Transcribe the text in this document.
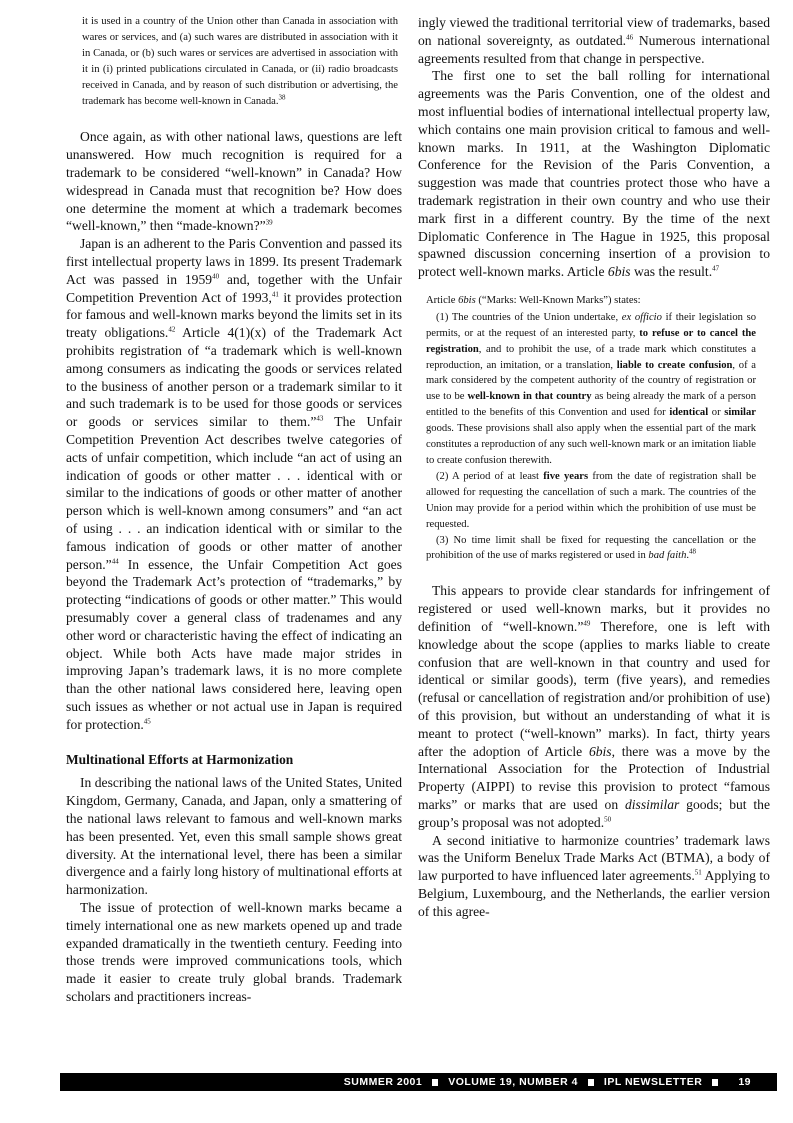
it is used in a country of the Union other than Canada in association with wares or services, and (a) such wares are distributed in association with it in Canada, or (b) such wares or services are advertised in association with it in (i) printed publications circulated in Canada, or (ii) radio broadcasts received in Canada, and by reason of such distribution or advertising, the trademark has become well-known in Canada.$^{38}$

Once again, as with other national laws, questions are left unanswered. How much recognition is required for a trademark to be considered “well-known” in Canada? How widespread in Canada must that recognition be? How does one determine the moment at which a trademark becomes “well-known,” then “made-known?”$^{39}$

Japan is an adherent to the Paris Convention and passed its first intellectual property laws in 1899. Its present Trademark Act was passed in 1959$^{40}$ and, together with the Unfair Competition Prevention Act of 1993,41 it provides protection for famous and well-known marks beyond the limits set in its treaty obligations.$^{42}$ Article 4(1)(x) of the Trademark Act prohibits registration of “a trademark which is well-known among consumers as indicating the goods or services related to the business of another person or a trademark similar to it and such trademark is to be used for those goods or services or goods or services similar to them.”$^{43}$ The Unfair Competition Prevention Act describes twelve categories of acts of unfair competition, which include “an act of using an indication of goods or other matter . . . identical with or similar to the indications of goods or other matter of another person which is well-known among consumers” and “an act of using . . . an indication identical with or similar to the famous indication of goods or other matter of another person.”$^{44}$ In essence, the Unfair Competition Act goes beyond the Trademark Act’s protection of “trademarks,” by protecting “indications of goods or other matter.” This would presumably cover a general class of tradenames and any other word or characteristic having the effect of indicating an object. While both Acts have made major strides in improving Japan’s trademark laws, it is no more complete than the other national laws considered here, leaving open such issues as whether or not actual use in Japan is required for protection.$^{45}$

Multinational Efforts at Harmonization

In describing the national laws of the United States, United Kingdom, Germany, Canada, and Japan, only a smattering of the national laws relevant to famous and well-known marks has been presented. Yet, even this small sample shows great diversity. At the international level, there has been a similar divergence and a fairly long history of multinational efforts at harmonization.

The issue of protection of well-known marks became a timely international one as new markets opened up and trade expanded dramatically in the twentieth century. Feeding into those trends were improved communications tools, which made it easier to create truly global brands. Trademark scholars and practitioners increas-

ingly viewed the traditional territorial view of trademarks, based on national sovereignty, as outdated.$^{46}$ Numerous international agreements resulted from that change in perspective.

The first one to set the ball rolling for international agreements was the Paris Convention, one of the oldest and most influential bodies of international intellectual property law, which contains one main provision critical to famous and well-known marks. In 1911, at the Washington Diplomatic Conference for the Revision of the Paris Convention, a suggestion was made that countries protect those who have a trademark registration in their own country and who use their mark first in a different country. By the time of the next Diplomatic Conference in The Hague in 1925, this proposal spawned discussion concerning insertion of a provision to protect well-known marks. Article 6bis was the result.$^{47}$

Article 6bis (“Marks: Well-Known Marks”) states:

(1) The countries of the Union undertake, ex officio if their legislation so permits, or at the request of an interested party, to refuse or to cancel the registration, and to prohibit the use, of a trade mark which constitutes a reproduction, an imitation, or a translation, liable to create confusion, of a mark considered by the competent authority of the country of registration or use to be well-known in that country as being already the mark of a person entitled to the benefits of this Convention and used for identical or similar goods. These provisions shall also apply when the essential part of the mark constitutes a reproduction of any such well-known mark or an imitation liable to create confusion therewith.

(2) A period of at least five years from the date of registration shall be allowed for requesting the cancellation of such a mark. The countries of the Union may provide for a period within which the prohibition of use must be requested.

(3) No time limit shall be fixed for requesting the cancellation or the prohibition of the use of marks registered or used in bad faith.$^{48}$

This appears to provide clear standards for infringement of registered or used well-known marks, but it provides no definition of “well-known.”$^{49}$ Therefore, one is left with knowledge about the scope (applies to marks liable to create confusion that are well-known in that country and used for identical or similar goods), term (five years), and remedies (refusal or cancellation of registration and/or prohibition of use) of this provision, but without an understanding of what it is meant to protect (“well-known” marks). In fact, thirty years after the adoption of Article 6bis, there was a move by the International Association for the Protection of Industrial Property (AIPPI) to revise this provision to protect “famous marks” or marks that are used on dissimilar goods; but the group’s proposal was not adopted.$^{50}$

A second initiative to harmonize countries’ trademark laws was the Uniform Benelux Trade Marks Act (BTMA), a body of law purported to have influenced later agreements.$^{51}$ Applying to Belgium, Luxembourg, and the Netherlands, the earlier version of this agree-

SUMMER 2001 VOLUME 19, NUMBER 4 IPL NEWSLETTER	19
